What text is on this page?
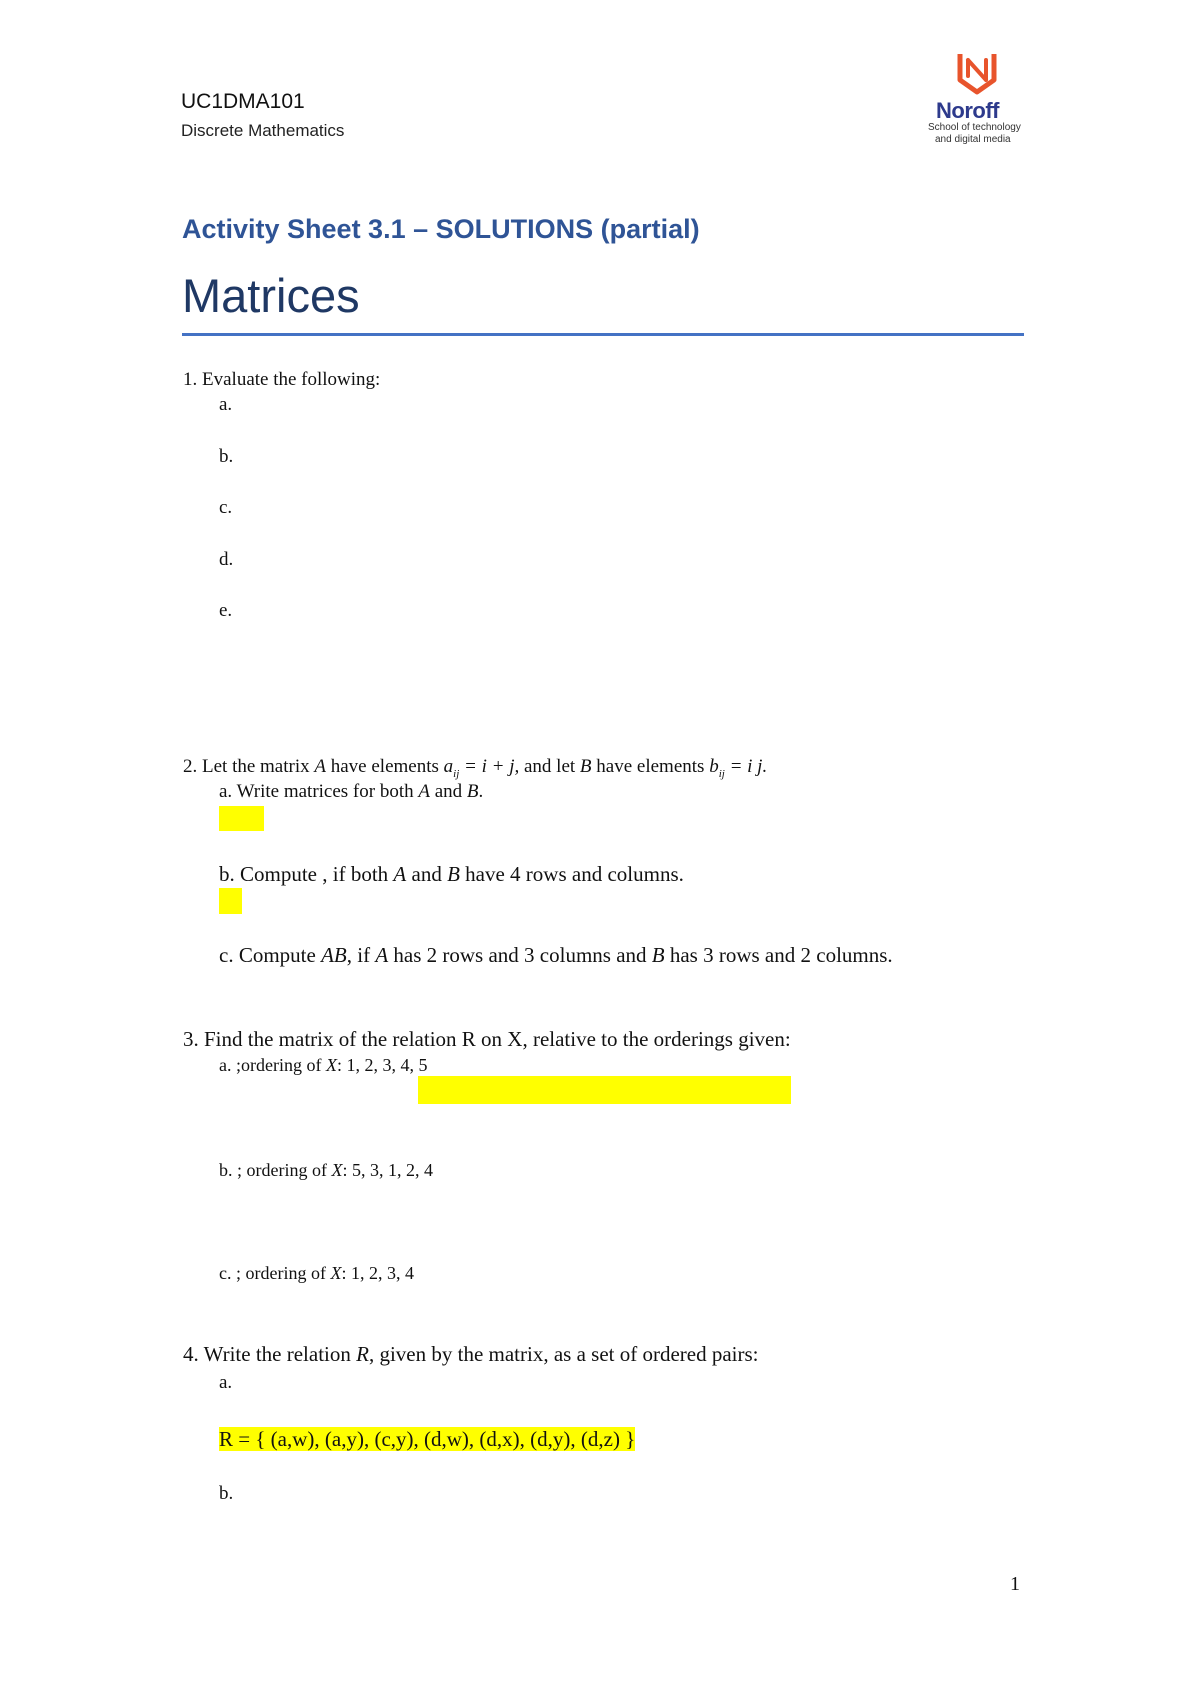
UC1DMA101
Discrete Mathematics
Noroff
School of technology
and digital media
Activity Sheet 3.1 – SOLUTIONS (partial)
Matrices
1. Evaluate the following:
a.
b.
c.
d.
e.
2. Let the matrix A have elements $a_{ij} = i + j$, and let B have elements $b_{ij} = i$ j.
a. Write matrices for both A and B.
b. Compute , if both A and B have 4 rows and columns.
c. Compute AB, if A has 2 rows and 3 columns and B has 3 rows and 2 columns.
3. Find the matrix of the relation R on X, relative to the orderings given:
a. ;ordering of X: 1, 2, 3, 4, 5
b. ; ordering of X: 5, 3, 1, 2, 4
c. ; ordering of X: 1, 2, 3, 4
4. Write the relation R, given by the matrix, as a set of ordered pairs:
a.
R = { (a,w), (a,y), (c,y), (d,w), (d,x), (d,y), (d,z) }
b.
1
